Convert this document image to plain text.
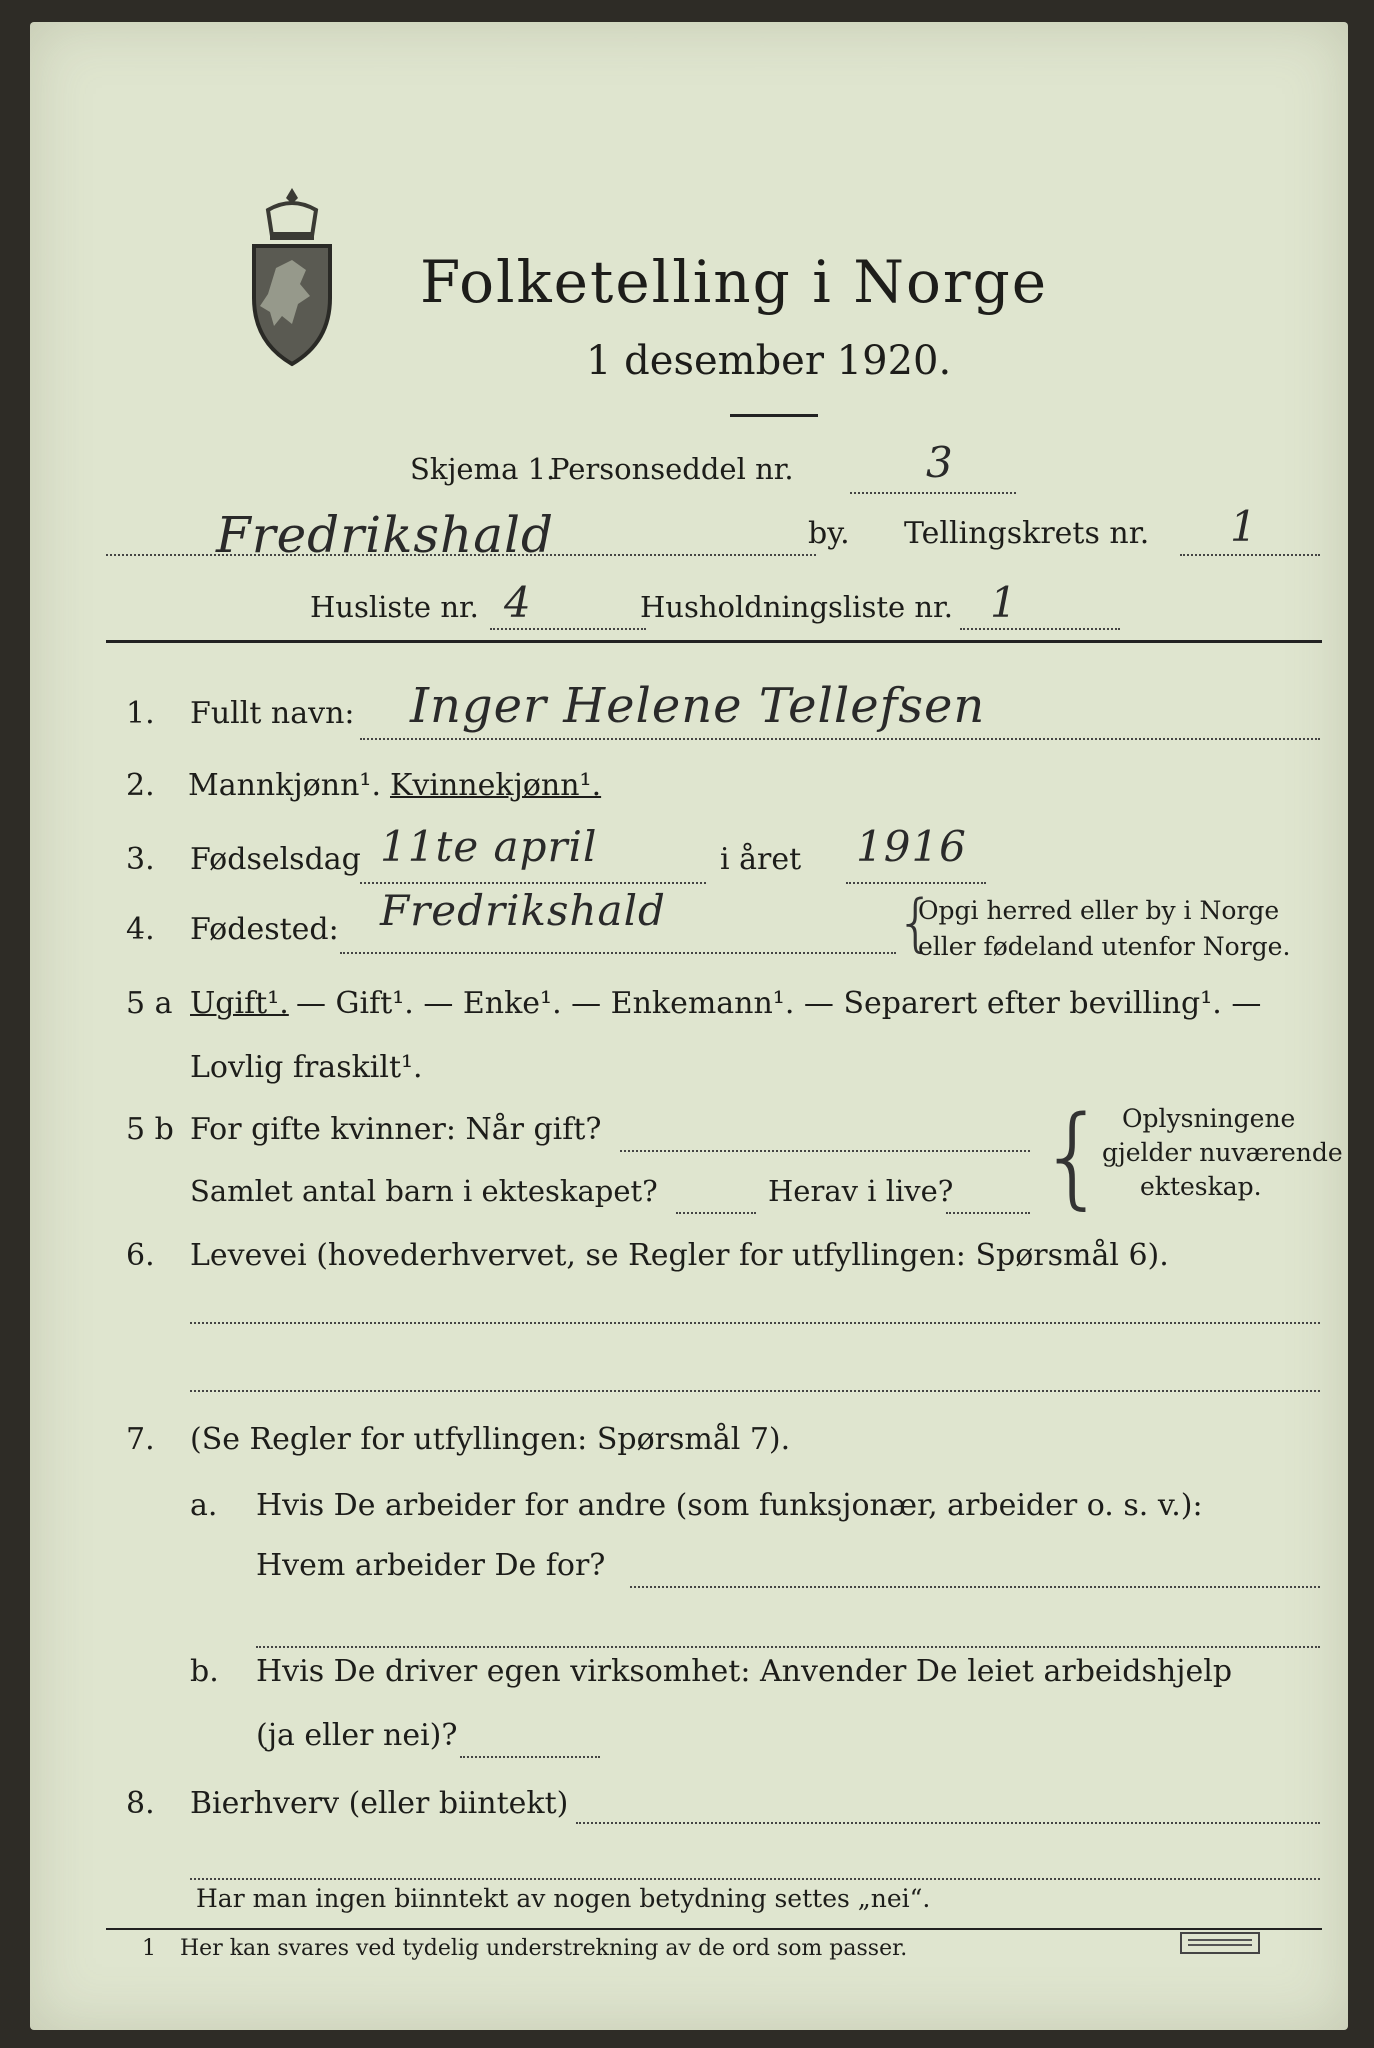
Folketelling i Norge
1 desember 1920.
Skjema 1.
Personseddel nr.	3
Fredrikshald	by. Tellingskrets nr. 1
Husliste nr. 4	Husholdningsliste nr. 1
1. Fullt navn: Inger Helene Tellefsen
2. Mannkjønn¹. Kvinnekjønn¹.
3. Fødselsdag 11te april	i året 1916
4. Fødested: Fredrikshald	{
Opgi herred eller by i Norge
eller fødeland utenfor Norge.
5 a Ugift¹. — Gift¹. — Enke¹. — Enkemann¹. — Separert efter bevilling¹. —
Lovlig fraskilt¹.
5 b For gifte kvinner: Når gift?
Samlet antal barn i ekteskapet?	Herav i live? { Oplysningene
gjelder nuværende
ekteskap.
6. Levevei (hovederhvervet, se Regler for utfyllingen: Spørsmål 6).
7. (Se Regler for utfyllingen: Spørsmål 7).
a. Hvis De arbeider for andre (som funksjonær, arbeider o. s. v.):
Hvem arbeider De for?
b. Hvis De driver egen virksomhet: Anvender De leiet arbeidshjelp
(ja eller nei)?
8. Bierhverv (eller biintekt)
Har man ingen biinntekt av nogen betydning settes „nei“.
1 Her kan svares ved tydelig understrekning av de ord som passer.
